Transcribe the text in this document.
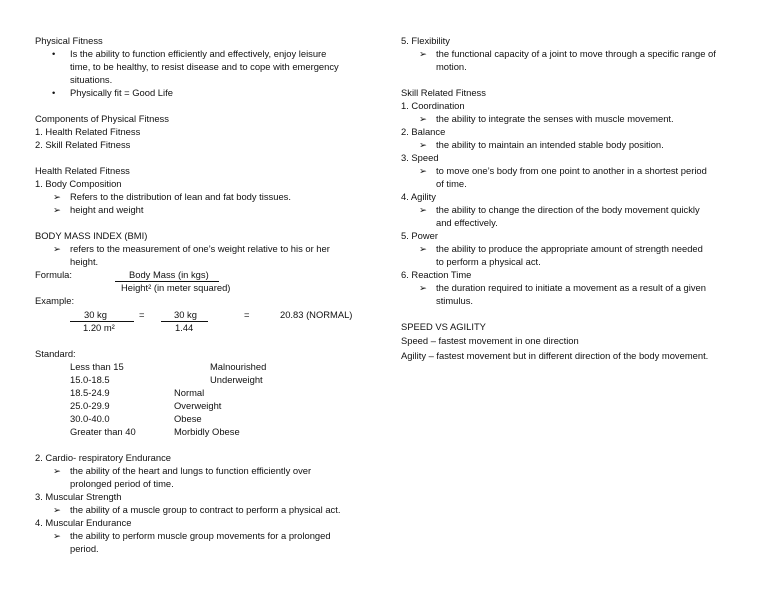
Physical Fitness
• Is the ability to function efficiently and effectively, enjoy leisure
time, to be healthy, to resist disease and to cope with emergency
situations.
• Physically fit = Good Life
Components of Physical Fitness
1. Health Related Fitness
2. Skill Related Fitness
Health Related Fitness
1. Body Composition
➢ Refers to the distribution of lean and fat body tissues.
➢ height and weight
BODY MASS INDEX (BMI)
➢ refers to the measurement of one’s weight relative to his or her
height.
Formula:	Body Mass (in kgs)
Height² (in meter squared)
Example:
30 kg
1.20 m²
=	30 kg
1.44
=	20.83 (NORMAL)
Standard:
Less than 15	Malnourished
15.0-18.5	Underweight
18.5-24.9	Normal
25.0-29.9	Overweight
30.0-40.0	Obese
Greater than 40	Morbidly Obese
2. Cardio- respiratory Endurance
➢ the ability of the heart and lungs to function efficiently over
prolonged period of time.
3. Muscular Strength
➢ the ability of a muscle group to contract to perform a physical act.
4. Muscular Endurance
➢ the ability to perform muscle group movements for a prolonged
period.
5. Flexibility
➢ the functional capacity of a joint to move through a specific range of
motion.
Skill Related Fitness
1. Coordination
➢ the ability to integrate the senses with muscle movement.
2. Balance
➢ the ability to maintain an intended stable body position.
3. Speed
➢ to move one’s body from one point to another in a shortest period
of time.
4. Agility
➢ the ability to change the direction of the body movement quickly
and effectively.
5. Power
➢ the ability to produce the appropriate amount of strength needed
to perform a physical act.
6. Reaction Time
➢ the duration required to initiate a movement as a result of a given
stimulus.
SPEED VS AGILITY
Speed – fastest movement in one direction
Agility – fastest movement but in different direction of the body movement.
